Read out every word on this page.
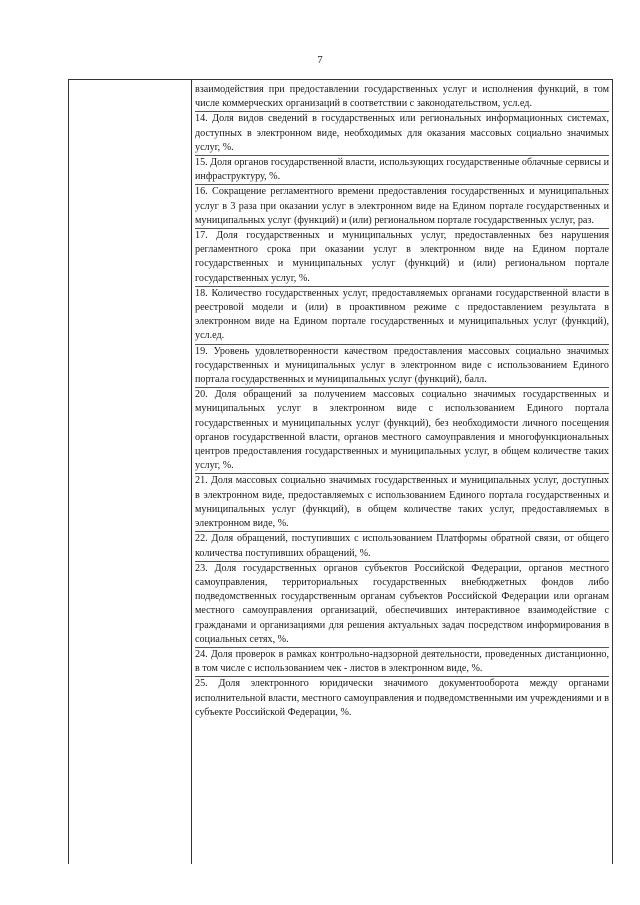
7
взаимодействия при предоставлении государственных услуг и исполнения функций, в том числе коммерческих организаций в соответствии с законодательством, усл.ед.
14. Доля видов сведений в государственных или региональных информационных системах, доступных в электронном виде, необходимых для оказания массовых социально значимых услуг, %.
15. Доля органов государственной власти, использующих государственные облачные сервисы и инфраструктуру, %.
16. Сокращение регламентного времени предоставления государственных и муниципальных услуг в 3 раза при оказании услуг в электронном виде на Едином портале государственных и муниципальных услуг (функций) и (или) региональном портале государственных услуг, раз.
17. Доля государственных и муниципальных услуг, предоставленных без нарушения регламентного срока при оказании услуг в электронном виде на Едином портале государственных и муниципальных услуг (функций) и (или) региональном портале государственных услуг, %.
18. Количество государственных услуг, предоставляемых органами государственной власти в реестровой модели и (или) в проактивном режиме с предоставлением результата в электронном виде на Едином портале государственных и муниципальных услуг (функций), усл.ед.
19. Уровень удовлетворенности качеством предоставления массовых социально значимых государственных и муниципальных услуг в электронном виде с использованием Единого портала государственных и муниципальных услуг (функций), балл.
20. Доля обращений за получением массовых социально значимых государственных и муниципальных услуг в электронном виде с использованием Единого портала государственных и муниципальных услуг (функций), без необходимости личного посещения органов государственной власти, органов местного самоуправления и многофункциональных центров предоставления государственных и муниципальных услуг, в общем количестве таких услуг, %.
21. Доля массовых социально значимых государственных и муниципальных услуг, доступных в электронном виде, предоставляемых с использованием Единого портала государственных и муниципальных услуг (функций), в общем количестве таких услуг, предоставляемых в электронном виде, %.
22. Доля обращений, поступивших с использованием Платформы обратной связи, от общего количества поступивших обращений, %.
23. Доля государственных органов субъектов Российской Федерации, органов местного самоуправления, территориальных государственных внебюджетных фондов либо подведомственных государственным органам субъектов Российской Федерации или органам местного самоуправления организаций, обеспечивших интерактивное взаимодействие с гражданами и организациями для решения актуальных задач посредством информирования в социальных сетях, %.
24. Доля проверок в рамках контрольно-надзорной деятельности, проведенных дистанционно, в том числе с использованием чек - листов в электронном виде, %.
25. Доля электронного юридически значимого документооборота между органами исполнительной власти, местного самоуправления и подведомственными им учреждениями и в субъекте Российской Федерации, %.
